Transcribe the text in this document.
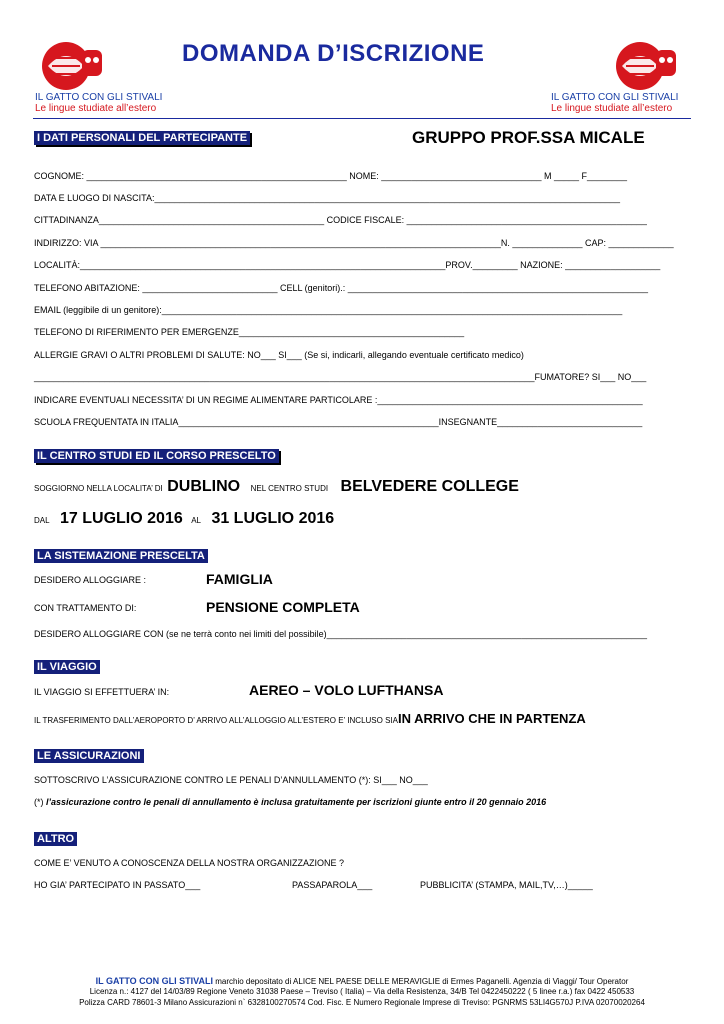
IL GATTO CON GLI STIVALI
Le lingue studiate all’estero
IL GATTO CON GLI STIVALI
Le lingue studiate all’estero
DOMANDA D’ISCRIZIONE
I DATI PERSONALI DEL PARTECIPANTE	GRUPPO PROF.SSA MICALE
COGNOME: ____________________________________________________ NOME: ________________________________ M _____ F________
DATA E LUOGO DI NASCITA:_____________________________________________________________________________________________
CITTADINANZA_____________________________________________ CODICE FISCALE: ________________________________________________
INDIRIZZO: VIA ________________________________________________________________________________N. ______________ CAP: _____________
LOCALITÀ:_________________________________________________________________________PROV._________ NAZIONE: ___________________
TELEFONO ABITAZIONE: ___________________________ CELL (genitori).: ____________________________________________________________
EMAIL (leggibile di un genitore):____________________________________________________________________________________________
TELEFONO DI RIFERIMENTO PER EMERGENZE_____________________________________________
ALLERGIE GRAVI O ALTRI PROBLEMI DI SALUTE: NO___ SI___ (Se si, indicarli, allegando eventuale certificato medico)
____________________________________________________________________________________________________FUMATORE? SI___ NO___
INDICARE EVENTUALI NECESSITA’ DI UN REGIME ALIMENTARE PARTICOLARE :_____________________________________________________
SCUOLA FREQUENTATA IN ITALIA____________________________________________________INSEGNANTE_____________________________
IL CENTRO STUDI ED IL CORSO PRESCELTO
SOGGIORNO NELLA LOCALITA’ DI DUBLINO NEL CENTRO STUDI BELVEDERE COLLEGE
DAL 17 LUGLIO 2016 AL 31 LUGLIO 2016
LA SISTEMAZIONE PRESCELTA
DESIDERO ALLOGGIARE :	FAMIGLIA
CON TRATTAMENTO DI:	PENSIONE COMPLETA
DESIDERO ALLOGGIARE CON (se ne terrà conto nei limiti del possibile)________________________________________________________________
IL VIAGGIO
IL VIAGGIO SI EFFETTUERA’ IN:	AEREO – VOLO LUFTHANSA
IL TRASFERIMENTO DALL’AEROPORTO D’ ARRIVO ALL’ALLOGGIO ALL’ESTERO E’ INCLUSO SIAIN ARRIVO CHE IN PARTENZA
LE ASSICURAZIONI
SOTTOSCRIVO L’ASSICURAZIONE CONTRO LE PENALI D’ANNULLAMENTO (*): SI___ NO___
(*) l’assicurazione contro le penali di annullamento è inclusa gratuitamente per iscrizioni giunte entro il 20 gennaio 2016
ALTRO
COME E’ VENUTO A CONOSCENZA DELLA NOSTRA ORGANIZZAZIONE ?
HO GIA’ PARTECIPATO IN PASSATO___	PASSAPAROLA___	PUBBLICITA’ (STAMPA, MAIL,TV,…)_____
IL GATTO CON GLI STIVALI marchio depositato di ALICE NEL PAESE DELLE MERAVIGLIE di Ermes Paganelli. Agenzia di Viaggi/ Tour Operator
Licenza n.: 4127 del 14/03/89 Regione Veneto 31038 Paese – Treviso ( Italia) – Via della Resistenza, 34/B Tel 0422450222 ( 5 linee r.a.) fax 0422 450533
Polizza CARD 78601-3 Milano Assicurazioni n` 6328100270574 Cod. Fisc. E Numero Regionale Imprese di Treviso: PGNRMS 53LI4G570J P.IVA 02070020264
